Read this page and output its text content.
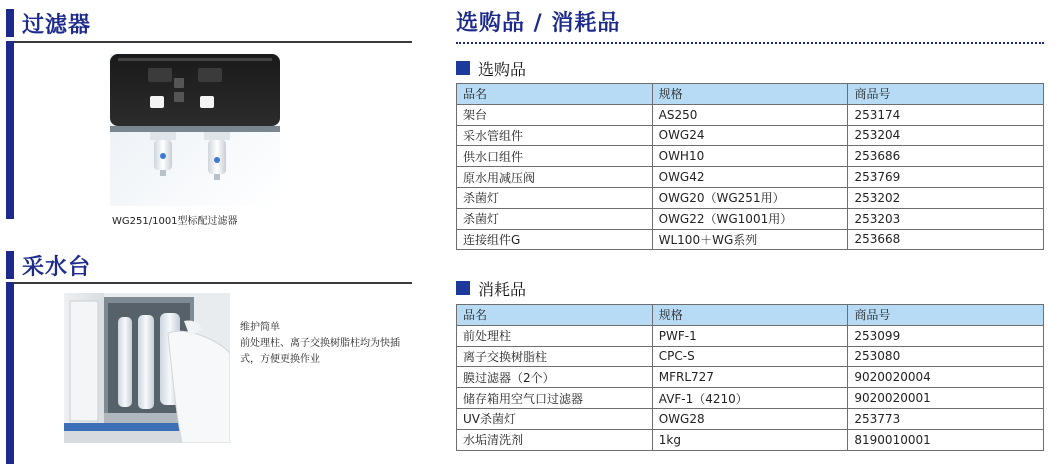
过滤器
WG251/1001型标配过滤器
采水台
维护简单
前处理柱、离子交换树脂柱均为快插
式，方便更换作业
选购品 / 消耗品
选购品
品名	规格	商品号
架台	AS250	253174
采水管组件	OWG24	253204
供水口组件	OWH10	253686
原水用减压阀	OWG42	253769
杀菌灯	OWG20（WG251用）	253202
杀菌灯	OWG22（WG1001用）	253203
连接组件G	WL100＋WG系列	253668
消耗品
品名	规格	商品号
前处理柱	PWF-1	253099
离子交换树脂柱	CPC-S	253080
膜过滤器（2个）	MFRL727	9020020004
储存箱用空气口过滤器	AVF-1（4210）	9020020001
UV杀菌灯	OWG28	253773
水垢清洗剂	1kg	8190010001
